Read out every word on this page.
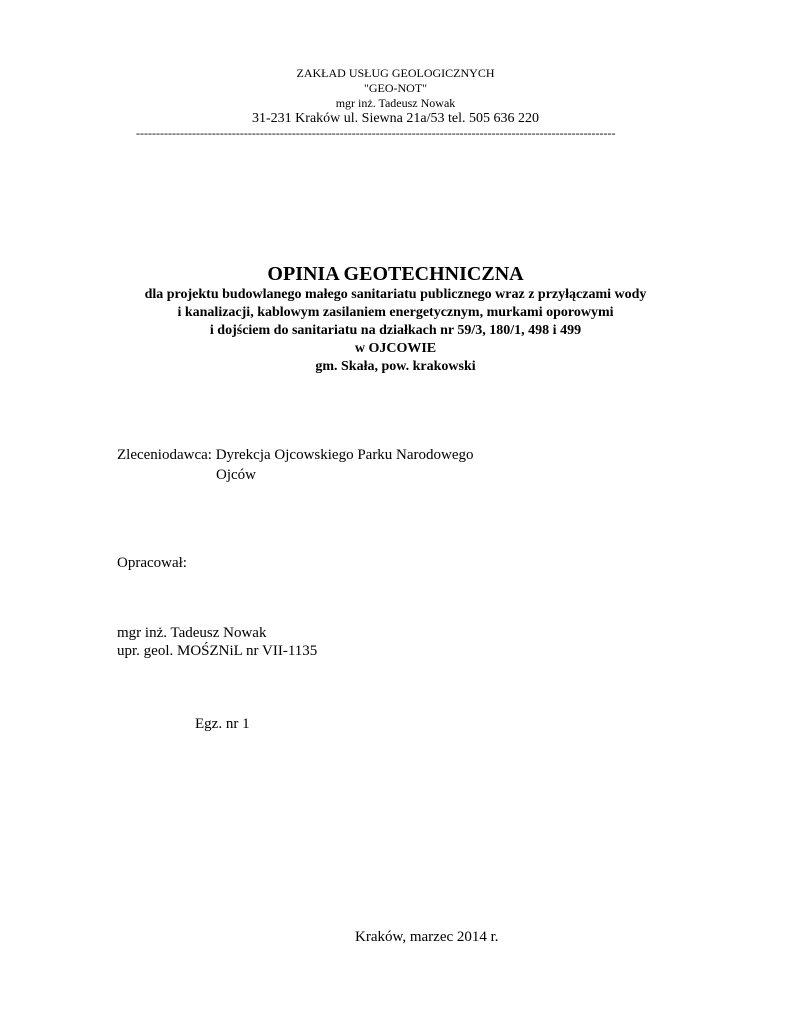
ZAKŁAD USŁUG GEOLOGICZNYCH
"GEO-NOT"
mgr inż. Tadeusz Nowak
31-231 Kraków ul. Siewna 21a/53 tel. 505 636 220
------------------------------------------------------------------------------------------------------------------------
OPINIA GEOTECHNICZNA
dla projektu budowlanego małego sanitariatu publicznego wraz z przyłączami wody
i kanalizacji, kablowym zasilaniem energetycznym, murkami oporowymi
i dojściem do sanitariatu na działkach nr 59/3, 180/1, 498 i 499
w OJCOWIE
gm. Skała, pow. krakowski
Zleceniodawca: Dyrekcja Ojcowskiego Parku Narodowego
Ojców
Opracował:
mgr inż. Tadeusz Nowak
upr. geol. MOŚZNiL nr VII-1135
Egz. nr 1
Kraków, marzec 2014 r.
